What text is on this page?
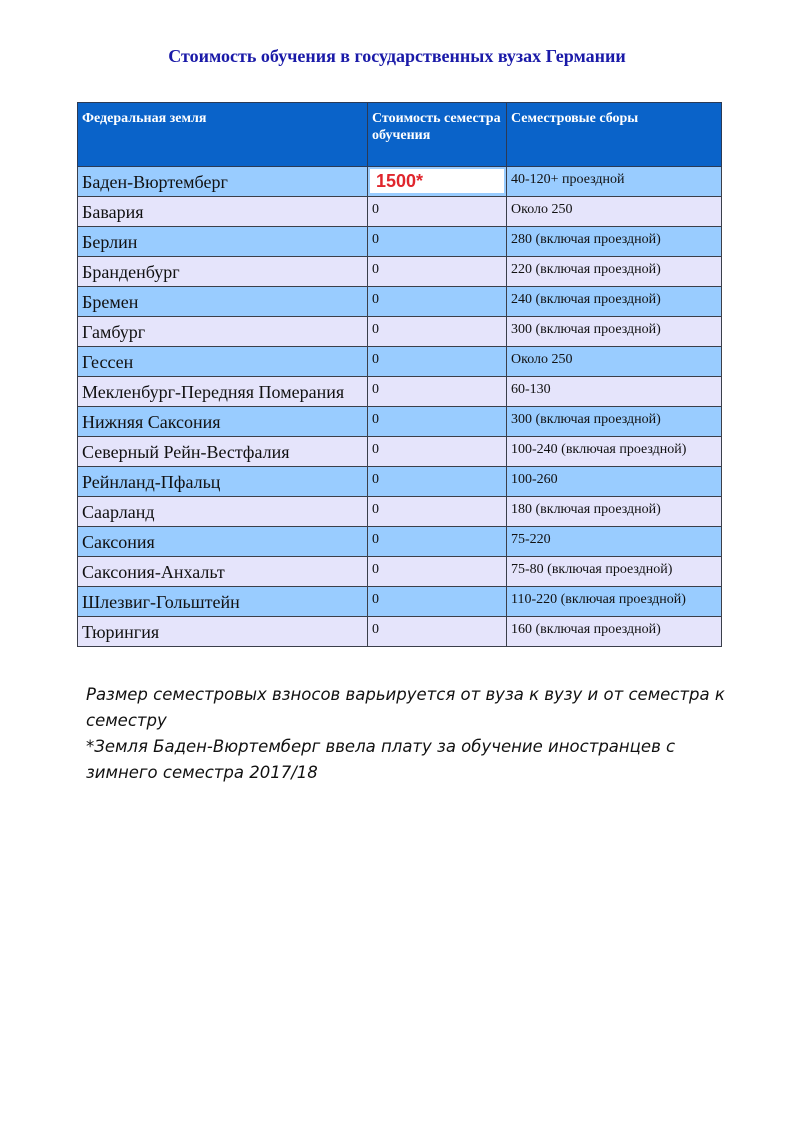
Стоимость обучения в государственных вузах Германии
Федеральная земля	Стоимость семестра обучения	Семестровые сборы
Баден-Вюртемберг	1500*	40-120+ проездной
Бавария	0	Около 250
Берлин	0	280 (включая проездной)
Бранденбург	0	220 (включая проездной)
Бремен	0	240 (включая проездной)
Гамбург	0	300 (включая проездной)
Гессен	0	Около 250
Мекленбург-Передняя Померания	0	60-130
Нижняя Саксония	0	300 (включая проездной)
Северный Рейн-Вестфалия	0	100-240 (включая проездной)
Рейнланд-Пфальц	0	100-260
Саарланд	0	180 (включая проездной)
Саксония	0	75-220
Саксония-Анхальт	0	75-80 (включая проездной)
Шлезвиг-Гольштейн	0	110-220 (включая проездной)
Тюрингия	0	160 (включая проездной)

Размер семестровых взносов варьируется от вуза к вузу и от семестра к семестру

*Земля Баден-Вюртемберг ввела плату за обучение иностранцев с зимнего семестра 2017/18
